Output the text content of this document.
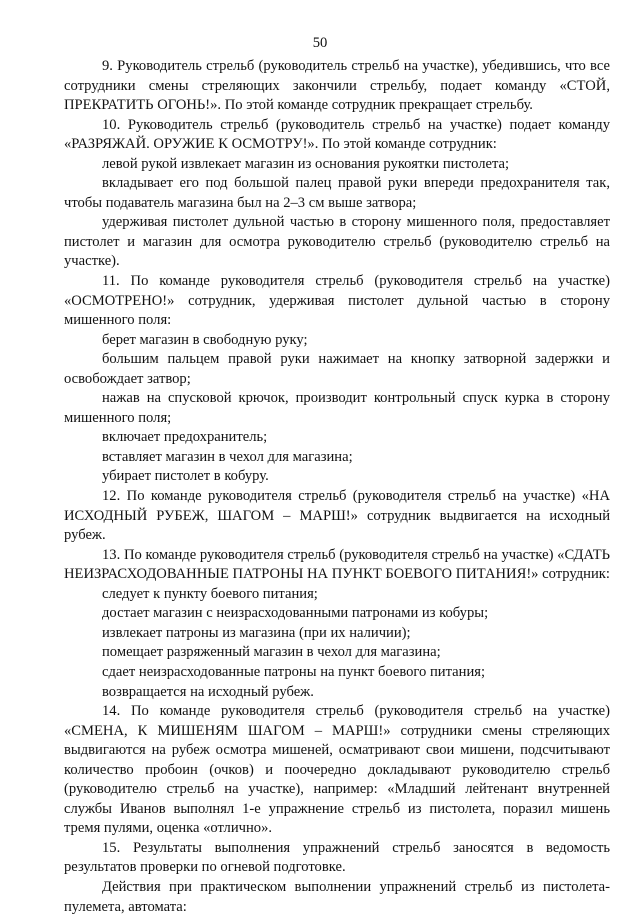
50

9. Руководитель стрельб (руководитель стрельб на участке), убедившись, что все сотрудники смены стреляющих закончили стрельбу, подает команду «СТОЙ, ПРЕКРАТИТЬ ОГОНЬ!». По этой команде сотрудник прекращает стрельбу.

10. Руководитель стрельб (руководитель стрельб на участке) подает команду «РАЗРЯЖАЙ. ОРУЖИЕ К ОСМОТРУ!». По этой команде сотрудник:

левой рукой извлекает магазин из основания рукоятки пистолета;

вкладывает его под большой палец правой руки впереди предохранителя так, чтобы подаватель магазина был на 2–3 см выше затвора;

удерживая пистолет дульной частью в сторону мишенного поля, предоставляет пистолет и магазин для осмотра руководителю стрельб (руководителю стрельб на участке).

11. По команде руководителя стрельб (руководителя стрельб на участке) «ОСМОТРЕНО!» сотрудник, удерживая пистолет дульной частью в сторону мишенного поля:

берет магазин в свободную руку;

большим пальцем правой руки нажимает на кнопку затворной задержки и освобождает затвор;

нажав на спусковой крючок, производит контрольный спуск курка в сторону мишенного поля;

включает предохранитель;

вставляет магазин в чехол для магазина;

убирает пистолет в кобуру.

12. По команде руководителя стрельб (руководителя стрельб на участке) «НА ИСХОДНЫЙ РУБЕЖ, ШАГОМ – МАРШ!» сотрудник выдвигается на исходный рубеж.

13. По команде руководителя стрельб (руководителя стрельб на участке) «СДАТЬ НЕИЗРАСХОДОВАННЫЕ ПАТРОНЫ НА ПУНКТ БОЕВОГО ПИТАНИЯ!» сотрудник:

следует к пункту боевого питания;

достает магазин с неизрасходованными патронами из кобуры;

извлекает патроны из магазина (при их наличии);

помещает разряженный магазин в чехол для магазина;

сдает неизрасходованные патроны на пункт боевого питания;

возвращается на исходный рубеж.

14. По команде руководителя стрельб (руководителя стрельб на участке) «СМЕНА, К МИШЕНЯМ ШАГОМ – МАРШ!» сотрудники смены стреляющих выдвигаются на рубеж осмотра мишеней, осматривают свои мишени, подсчитывают количество пробоин (очков) и поочередно докладывают руководителю стрельб (руководителю стрельб на участке), например: «Младший лейтенант внутренней службы Иванов выполнял 1-е упражнение стрельб из пистолета, поразил мишень тремя пулями, оценка «отлично».

15. Результаты выполнения упражнений стрельб заносятся в ведомость результатов проверки по огневой подготовке.

Действия при практическом выполнении упражнений стрельб из пистолета-пулемета, автомата:
